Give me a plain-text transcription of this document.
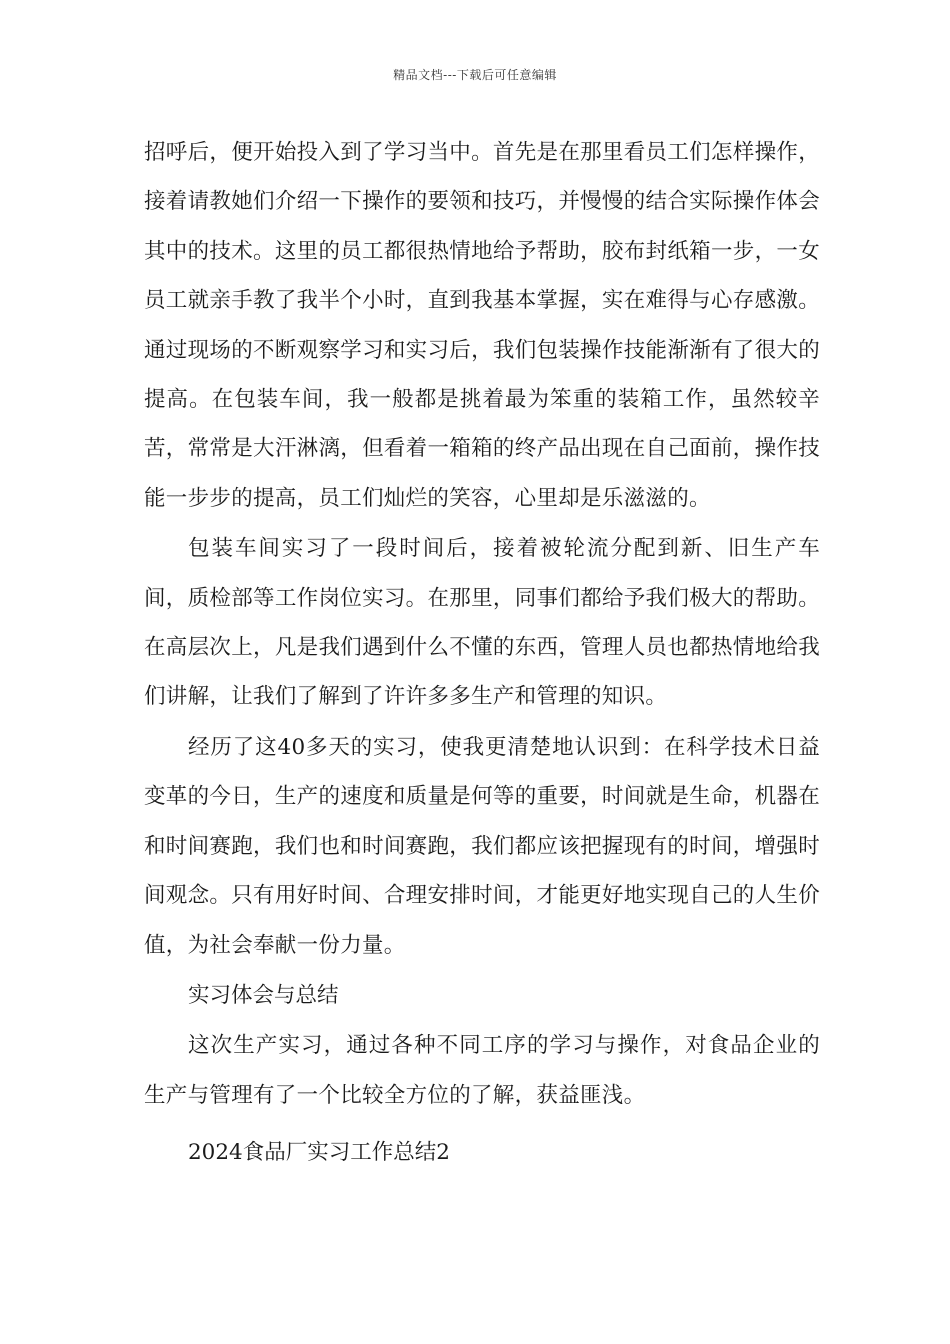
精品文档---下载后可任意编辑

招呼后，便开始投入到了学习当中。首先是在那里看员工们怎样操作，接着请教她们介绍一下操作的要领和技巧，并慢慢的结合实际操作体会其中的技术。这里的员工都很热情地给予帮助，胶布封纸箱一步，一女员工就亲手教了我半个小时，直到我基本掌握，实在难得与心存感激。通过现场的不断观察学习和实习后，我们包装操作技能渐渐有了很大的提高。在包装车间，我一般都是挑着最为笨重的装箱工作，虽然较辛苦，常常是大汗淋漓，但看着一箱箱的终产品出现在自己面前，操作技能一步步的提高，员工们灿烂的笑容，心里却是乐滋滋的。

包装车间实习了一段时间后，接着被轮流分配到新、旧生产车间，质检部等工作岗位实习。在那里，同事们都给予我们极大的帮助。在高层次上，凡是我们遇到什么不懂的东西，管理人员也都热情地给我们讲解，让我们了解到了许许多多生产和管理的知识。

经历了这40多天的实习，使我更清楚地认识到：在科学技术日益变革的今日，生产的速度和质量是何等的重要，时间就是生命，机器在和时间赛跑，我们也和时间赛跑，我们都应该把握现有的时间，增强时间观念。只有用好时间、合理安排时间，才能更好地实现自己的人生价值，为社会奉献一份力量。

实习体会与总结

这次生产实习，通过各种不同工序的学习与操作，对食品企业的生产与管理有了一个比较全方位的了解，获益匪浅。

2024食品厂实习工作总结2
